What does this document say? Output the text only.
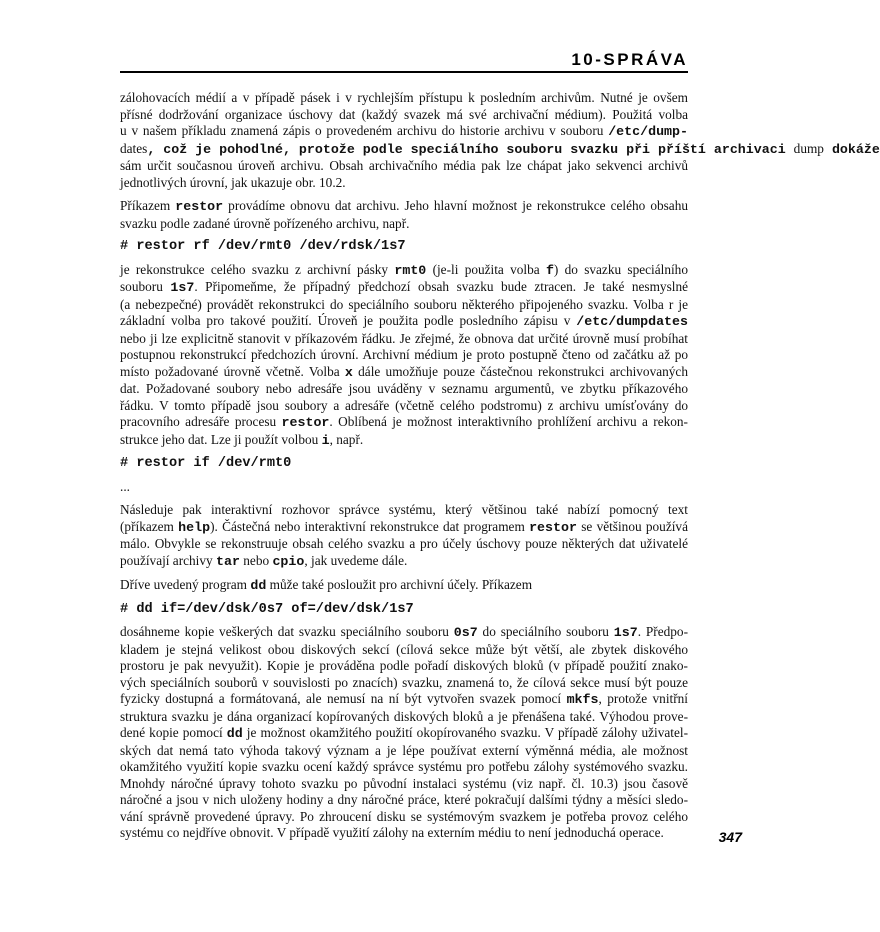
10-SPRÁVA

zálohovacích médií a v případě pásek i v rychlejším přístupu k posledním archivům. Nutné je ovšem
přísné dodržování organizace úschovy dat (každý svazek má své archivační médium). Použitá volba
u v našem příkladu znamená zápis o provedeném archivu do historie archivu v souboru /etc/dump-
dates, což je pohodlné, protože podle speciálního souboru svazku při příští archivaci dump dokáže
sám určit současnou úroveň archivu. Obsah archivačního média pak lze chápat jako sekvenci archivů
jednotlivých úrovní, jak ukazuje obr. 10.2.

Příkazem restor provádíme obnovu dat archivu. Jeho hlavní možnost je rekonstrukce celého obsahu
svazku podle zadané úrovně pořízeného archivu, např.

# restor rf /dev/rmt0 /dev/rdsk/1s7

je rekonstrukce celého svazku z archivní pásky rmt0 (je-li použita volba f) do svazku speciálního
souboru 1s7. Připomeňme, že případný předchozí obsah svazku bude ztracen. Je také nesmyslné
(a nebezpečné) provádět rekonstrukci do speciálního souboru některého připojeného svazku. Volba r je
základní volba pro takové použití. Úroveň je použita podle posledního zápisu v /etc/dumpdates
nebo ji lze explicitně stanovit v příkazovém řádku. Je zřejmé, že obnova dat určité úrovně musí probíhat
postupnou rekonstrukcí předchozích úrovní. Archivní médium je proto postupně čteno od začátku až po
místo požadované úrovně včetně. Volba x dále umožňuje pouze částečnou rekonstrukci archivovaných
dat. Požadované soubory nebo adresáře jsou uváděny v seznamu argumentů, ve zbytku příkazového
řádku. V tomto případě jsou soubory a adresáře (včetně celého podstromu) z archivu umísťovány do
pracovního adresáře procesu restor. Oblíbená je možnost interaktivního prohlížení archivu a rekon-
strukce jeho dat. Lze ji použít volbou i, např.

# restor if /dev/rmt0
...

Následuje pak interaktivní rozhovor správce systému, který většinou také nabízí pomocný text
(příkazem help). Částečná nebo interaktivní rekonstrukce dat programem restor se většinou používá
málo. Obvykle se rekonstruuje obsah celého svazku a pro účely úschovy pouze některých dat uživatelé
používají archivy tar nebo cpio, jak uvedeme dále.

Dříve uvedený program dd může také posloužit pro archivní účely. Příkazem

# dd if=/dev/dsk/0s7 of=/dev/dsk/1s7

dosáhneme kopie veškerých dat svazku speciálního souboru 0s7 do speciálního souboru 1s7. Předpo-
kladem je stejná velikost obou diskových sekcí (cílová sekce může být větší, ale zbytek diskového
prostoru je pak nevyužit). Kopie je prováděna podle pořadí diskových bloků (v případě použití znako-
vých speciálních souborů v souvislosti po znacích) svazku, znamená to, že cílová sekce musí být pouze
fyzicky dostupná a formátovaná, ale nemusí na ní být vytvořen svazek pomocí mkfs, protože vnitřní
struktura svazku je dána organizací kopírovaných diskových bloků a je přenášena také. Výhodou prove-
dené kopie pomocí dd je možnost okamžitého použití okopírovaného svazku. V případě zálohy uživatel-
ských dat nemá tato výhoda takový význam a je lépe používat externí výměnná média, ale možnost
okamžitého využití kopie svazku ocení každý správce systému pro potřebu zálohy systémového svazku.
Mnohdy náročné úpravy tohoto svazku po původní instalaci systému (viz např. čl. 10.3) jsou časově
náročné a jsou v nich uloženy hodiny a dny náročné práce, které pokračují dalšími týdny a měsíci sledo-
vání správně provedené úpravy. Po zhroucení disku se systémovým svazkem je potřeba provoz celého
systému co nejdříve obnovit. V případě využití zálohy na externím médiu to není jednoduchá operace.	347
